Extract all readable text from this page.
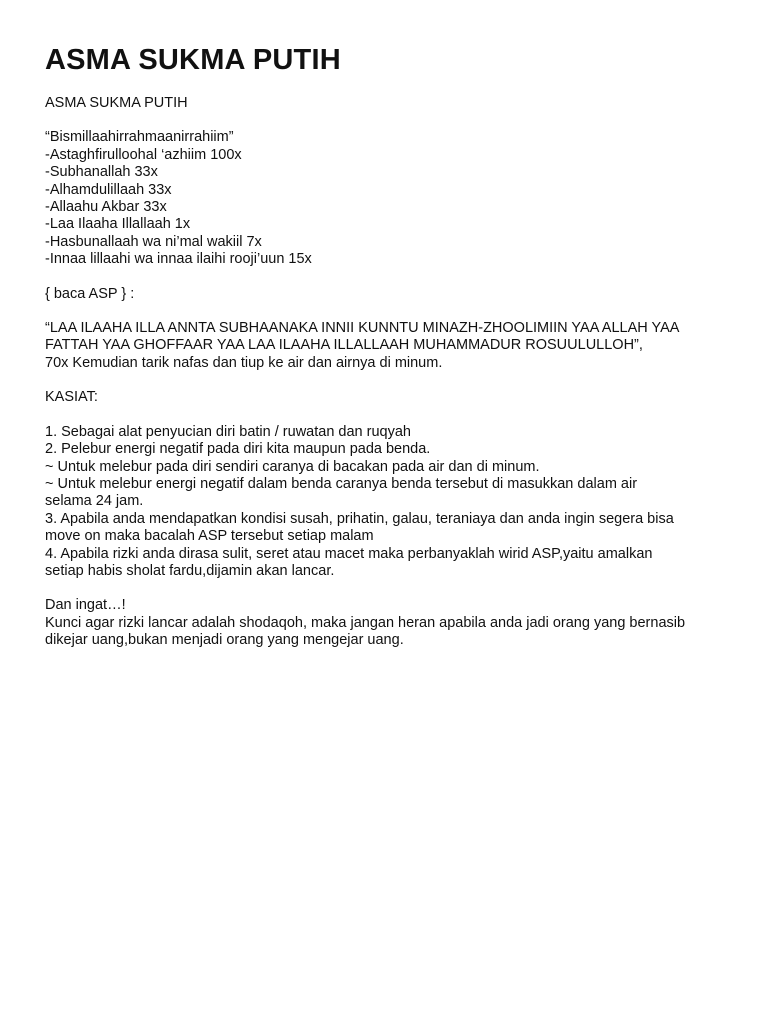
ASMA SUKMA PUTIH

ASMA SUKMA PUTIH

“Bismillaahirrahmaanirrahiim”
-Astaghfirulloohal ‘azhiim 100x
-Subhanallah 33x
-Alhamdulillaah 33x
-Allaahu Akbar 33x
-Laa Ilaaha Illallaah 1x
-Hasbunallaah wa ni’mal wakiil 7x
-Innaa lillaahi wa innaa ilaihi rooji’uun 15x

{ baca ASP } :

“LAA ILAAHA ILLA ANNTA SUBHAANAKA INNII KUNNTU MINAZH-ZHOOLIMIIN YAA ALLAH YAA
FATTAH YAA GHOFFAAR YAA LAA ILAAHA ILLALLAAH MUHAMMADUR ROSUULULLOH”,
70x Kemudian tarik nafas dan tiup ke air dan airnya di minum.

KASIAT:

1. Sebagai alat penyucian diri batin / ruwatan dan ruqyah
2. Pelebur energi negatif pada diri kita maupun pada benda.
~ Untuk melebur pada diri sendiri caranya di bacakan pada air dan di minum.
~ Untuk melebur energi negatif dalam benda caranya benda tersebut di masukkan dalam air
selama 24 jam.
3. Apabila anda mendapatkan kondisi susah, prihatin, galau, teraniaya dan anda ingin segera bisa
move on maka bacalah ASP tersebut setiap malam
4. Apabila rizki anda dirasa sulit, seret atau macet maka perbanyaklah wirid ASP,yaitu amalkan
setiap habis sholat fardu,dijamin akan lancar.

Dan ingat…!
Kunci agar rizki lancar adalah shodaqoh, maka jangan heran apabila anda jadi orang yang bernasib
dikejar uang,bukan menjadi orang yang mengejar uang.
